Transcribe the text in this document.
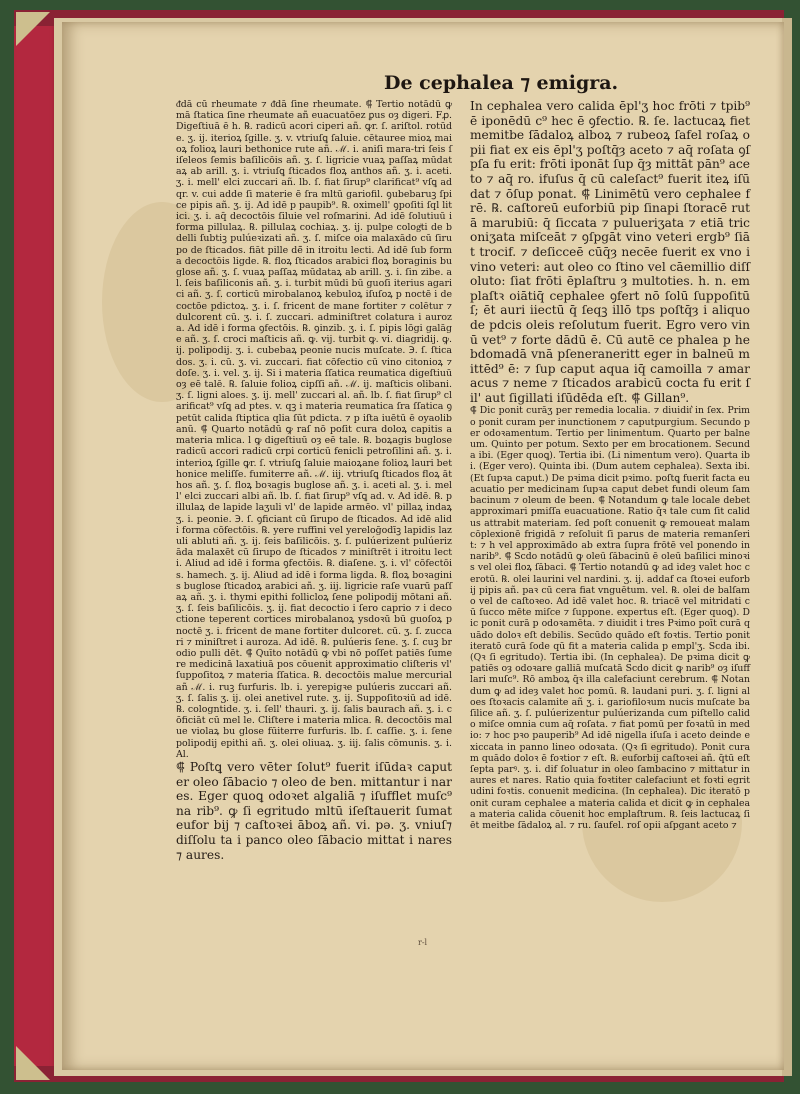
De cephalea ⁊ emigra.

ᵭdā cū rheumate ⁊ ᵭdā ſine rheumate. ⸿ Tertio notādū ꝙ mā ſtatica ſine rheumate añ euacuatōez ꝑus oȝ digeri. Fꝓ. Digeſtiuā ē h. ℞. radicū acori ciperi añ. ꝙr. ſ. ariſtol. rotūde. ʒ. ij. iterioꝝ ſgille. ʒ. v. vtriuſꝗ ſaluie. cētauree mioꝝ maioꝝ folioꝝ lauri bethonice rute añ. ℳ. i. aniſi mara-tri ſeis ſiſeleos ſemis baſilicōis añ. ʒ. ſ. ligricie vuaꝝ paſſaꝝ mūdataꝝ ab arill. ʒ. i. vtriuſꝗ ſticados floꝝ anthos añ. ʒ. i. aceti. ʒ. i. mell' elci zuccari añ. lb. ſ. fiat ſirup⁹ clarificat⁹ vſꝗ ad qr. v. cui adde ſi materie ē ſra mltū gariofil. ꝯubebaruꝫ ſpice pipis añ. ʒ. ij. Ad idē p paupib⁹. ℞. oximell' ꝯpoſiti ſql litici. ʒ. i. aq̄ decoctōis ſiluie vel roſmarini. Ad idē ſolutiuū i forma pillulaꝝ. ℞. pillulaꝝ cochiaꝝ. ʒ. ij. pulpe cologͥti de bdelli ſubtiꝫ pulúeꝛizati añ. ʒ. ſ. miſce oia malaxādo cū ſirupo de ſticados. fiāt pille dē̄ in itroitu lecti. Ad idē ſub forma decoctōis ligde. ℞. floꝝ ſticados arabici floꝝ boraginis buglose añ. ʒ. ſ. vuaꝝ paſſaꝝ mūdataꝝ ab arill. ʒ. i. ſin zibe. al. ſeis baſiliconis añ. ʒ. i. turbit mūdi bū guoſi iterius agarici añ. ʒ. ſ. corticū mirobalanoꝝ kebuloꝝ iſuſoꝝ p noctē i decoctōe pdictoꝝ. ʒ. i. ſ. fricent de mane fortiter ⁊ colētur ⁊ dulcorent cū. ʒ. i. ſ. zuccari. adminiſtret colatura i auroza. Ad idē i forma ꝯfectōis. ℞. ꝯinzib. ʒ. i. ſ. pipis lōgi galāge añ. ʒ. ſ. croci maſticis añ. ꝙ. vij. turbit ꝙ. vi. diagridij. ꝙ. ij. polipodij. ʒ. i. cubebaꝝ peonie nucis muſcate. ℈. ſ. ſticados. ʒ. i. cū. ʒ. vi. zuccari. fiat cōfectio cū vino citonioꝝ ⁊ doſe. ʒ. i. vel. ʒ. ij. Si i materia ſſatica reumatica digeſtiuū oȝ eē talē. ℞. ſaluie folioꝝ cipſſi añ. ℳ. ij. maſticis olibani. ʒ. ſ. ligni aloes. ʒ. ij. mell' zuccari al. añ. lb. ſ. fiat ſirup⁹ clarificat⁹ vſꝗ ad ptes. v. qꝫ i materia reumatica ſra ſſatica ꝯpetūt calida ſtiptica qlia ſūt pdicta. ⁊ p iſta iuētū ē oyaolibanū. ⸿ Quarto notādū ꝙ raſ nō poſit cura doloꝝ capitis a materia mlica. l ꝙ digeſtiuū oȝ eē tale. ℞. boꝝagis buglose radicū accori radicū crpi corticū fenicli petroſilini añ. ʒ. i. interioꝝ ſgille ꝙr. ſ. vtriuſꝗ ſaluie maioꝝane folioꝝ lauri bethonice meliſſe. fumiterre añ. ℳ. iij. vtriuſꝗ ſticados floꝝ āthos añ. ʒ. ſ. floꝝ boꝛagis buglose añ. ʒ. i. aceti al. ʒ. i. mell' elci zuccari albi añ. lb. ſ. fiat ſirup⁹ vſꝗ ad. v. Ad idē. ℞. pillulaꝝ de lapide laʒuli vl' de lapide armēo. vl' pillaꝝ indaꝝ ʒ. i. peonie. ℈. ſ. ꝯficiant cū ſirupo de ſticados. Ad idē alid i forma cōfectōis. ℞. yere ruffini vel yereloḡodīꝫ lapidis lazuli abluti añ. ʒ. ij. ſeis baſilicōis. ʒ. ſ. pulúerizent pulúerizāda malaxēt cū ſirupo de ſticados ⁊ miniſtrēt i itroitu lecti. Aliud ad idē i forma ꝯfectōis. ℞. diaſene. ʒ. i. vl' cōfectōis. hamech. ʒ. ij. Aliud ad idē i forma ligda. ℞. floꝝ boꝛaginis buglose ſticadoꝝ arabici añ. ʒ. iij. ligricie raſe vuarū paſſaꝝ añ. ʒ. i. thymi epithi follicloꝝ ſene polipodij mōtani añ. ʒ. ſ. ſeis baſilicōis. ʒ. ij. fiat decoctio i ſero caprio ⁊ i decoctione teperent cortices mirobalanoꝝ ysdoꝛū bū guoſoꝝ p noctē ʒ. i. fricent de mane fortiter dulcoret. cū. ʒ. ſ. zuccari ⁊ miniſtret i auroza. Ad idē. ℞. pulúeris ſene. ʒ. ſ. cuꝫ brodio pulli dēt. ⸿ Quīto notādū ꝙ vbi nō poſſet patiēs ſumere medicinā laxatiuā pos cōuenit approximatio cliſteris vl' ſuppoſitoꝝ ⁊ materia ſſatica. ℞. decoctōis malue mercurial añ ℳ. i. ruꝫ furfuris. lb. i. yerepigꝛe pulúeris zuccari añ. ʒ. ſ. ſalis ʒ. ij. olei anetivel rute. ʒ. ij. Suppoſitoꝛiū ad idē. ℞. cologntide. ʒ. i. ſell' thauri. ʒ. ij. ſalis baurach añ. ʒ. i. cōficiāt cū mel le. Cliſtere i materia mlica. ℞. decoctōis malue violaꝝ bu glose fūiterre furfuris. lb. ſ. caſſie. ʒ. i. ſene polipodij epithi añ. ʒ. olei oliuaꝝ. ʒ. iij. ſalis cōmunis. ʒ. i. Al.

⸿ Poſtꝗ vero vēter ſolut⁹ fuerit iſūdaꝛ caput er oleo ſābacio ⁊ oleo de ben. mittantur i nares. Eger quoꝗ odoꝛet algaliā ⁊ iſufflet muſc⁹ na rib⁹. ꝙ ſi egritudo mltū iſeſtauerit ſumat eufor bij ⁊ caſtoꝛei āboꝝ añ. vi. pǝ. ʒ. vniuſ⁊ diſſolu ta i panco oleo ſābacio mittat i nares ⁊ aures.

In cephalea vero calida ēpl'ʒ hoc frōti ⁊ tpib⁹ ē iponēdū c⁹ hec ē ꝯfectio. ℞. ſe. lactucaꝝ fiet memitbe ſādaloꝝ alboꝝ ⁊ rubeoꝝ ſafel roſaꝝ opii fiat ex eis ēpl'ʒ poſtq̄ȝ aceto ⁊ aq̄ roſata ꝯſpſa fu erit: frōti iponāt ſup q̄ȝ mittāt pān⁹ aceto ⁊ aq̄ ro. ifuſus q̄ cū caleſact⁹ fuerit iteꝝ iſūdat ⁊ ōſup ponat. ⸿ Linimētū vero cephalee frē. ℞. caſtoreū euforbiū pip ſinapi ſtoracē rutā marubiū: q̄ ſiccata ⁊ pulueriʒata ⁊ etiā triconiʒata miſceāt ⁊ ꝯſpgāt vino veteri ergb⁹ ſiāt trocif. ⁊ deſicceē cūq̄ȝ necēe fuerit ex vno i vino veteri: aut oleo co ſtino vel cāemillio diſſoluto: ſiat frōti ēplaſtru ȝ multoties. h. n. emplaſtꝛ oiātiq̄ cephalee ꝯfert nō ſolū ſuppoſitū ſ; ēt auri iiectū q̄ ſeqꝫ illō tps poſtq̄ȝ i aliquo de pdcis oleis reſolutum fuerit. Egro vero vinū vet⁹ ⁊ forte dādū ē. Cū autē ce phalea p hebdomadā vnā pſeneraneritt eger in balneū mittēd⁹ ē: ⁊ ſup caput aqua iq̄ camoilla ⁊ amaracus ⁊ neme ⁊ ſticados arabicū cocta fu erit ſil' aut ſigillati iſūdēda eſt. ⸿ Gillan⁹.

⸿ Dic ponit curāʒ per remedia localia. ⁊ diuidit͛ in ſex. Primo ponit curam per inunctionem ⁊ caputpurgium. Secundo per odoꝛamentum. Tertio per linimentum. Quarto per balneum. Quinto per potum. Sexto per em brocationem. Secunda ibi. (Eger quoꝗ). Tertia ibi. (Li nimentum vero). Quarta ibi. (Eger vero). Quinta ibi. (Dum autem cephalea). Sexta ibi. (Et ſupꝛa caput.) De pꝛima dicit pꝛimo. poſtꝗ fuerit facta euacuatio per medicinam ſupꝛa caput debet fundi oleum ſambacinum ⁊ oleum de been. ⸿ Notandum ꝙ tale locale debet approximari pmiſſa euacuatione. Ratio q̄ꝛ tale cum ſit calidus attrabit materiam. ſed poſt conuenit ꝙ remoueat malam cōplexionē frigidā ⁊ reſoluit ſi parus de materia remanſerit: ⁊ h vel approximādo ab extra ſupra frōtē vel ponendo in narib⁹. ⸿ Scdo notādū ꝙ oleū ſābacinū ē oleū baſilici minoꝛis vel olei floꝝ ſābaci. ⸿ Tertio notandū ꝙ ad ideȝ valet hoc cerotū. ℞. olei laurini vel nardini. ʒ. ij. addaf ca ſtoꝛei euforbij pipis añ. paꝛ cū cera fiat vnguētum. vel. ℞. olei de balſamo vel de caſtoꝛeo. Ad idē valet hoc. ℞. triacē vel mitridati cū ſucco mēte miſce ⁊ ſuppone. expertus eſt. (Eger quoꝗ). Dic ponit curā p odoꝛamēta. ⁊ diuidit i tres Pꝛimo poīt curā quādo doloꝛ eſt debilis. Secūdo quādo eſt foꝛtis. Tertio ponit iteratō curā ſode qū fit a materia calida p empl'ʒ. Scda ibi. (Qꝛ ſi egritudo). Tertia ibi. (In cephalea). De pꝛima dicit ꝙ patiēs oȝ odoꝛare galliā muſcatā Scdo dicit ꝙ narib⁹ oȝ iſufflari muſc⁹. Rō amboꝝ q̄ꝛ illa calefaciunt cerebrum. ⸿ Notandum ꝙ ad ideȝ valet hoc pomū. ℞. laudani puri. ʒ. ſ. ligni aloes ſtoꝛacis calamite añ ʒ. i. gariofiloꝛum nucis muſcate baſilice añ. ʒ. ſ. pulúerizentur pulúerizanda cum piſtello calido miſce omnia cum aq̄ roſata. ⁊ fiat pomū per foꝛatū in medio: ⁊ hoc pꝛo pauperib⁹ Ad idē nigella iſuſa i aceto deinde exiccata in panno lineo odoꝛata. (Qꝛ ſi egritudo). Ponit curam quādo doloꝛ ē foꝛtior ⁊ eſt. ℞. euforbij caſtoꝛei añ. q̄tū eſt ſepta parꝰ. ʒ. i. dif ſoluatur in oleo ſambacino ⁊ mittatur in aures et nares. Ratio quia foꝛtiter calefaciunt et foꝛti egritudini foꝛtis. conuenit medicina. (In cephalea). Dic iteratō ponit curam cephalee a materia calida et dicit ꝙ in cephalea a materia calida cōuenit hoc emplaſtrum. ℞. ſeis lactucaꝝ ſi ēt meitbe ſādaloꝝ al. ⁊ ru. ſaufel. roſ opii aſpgant aceto ⁊

r-l
